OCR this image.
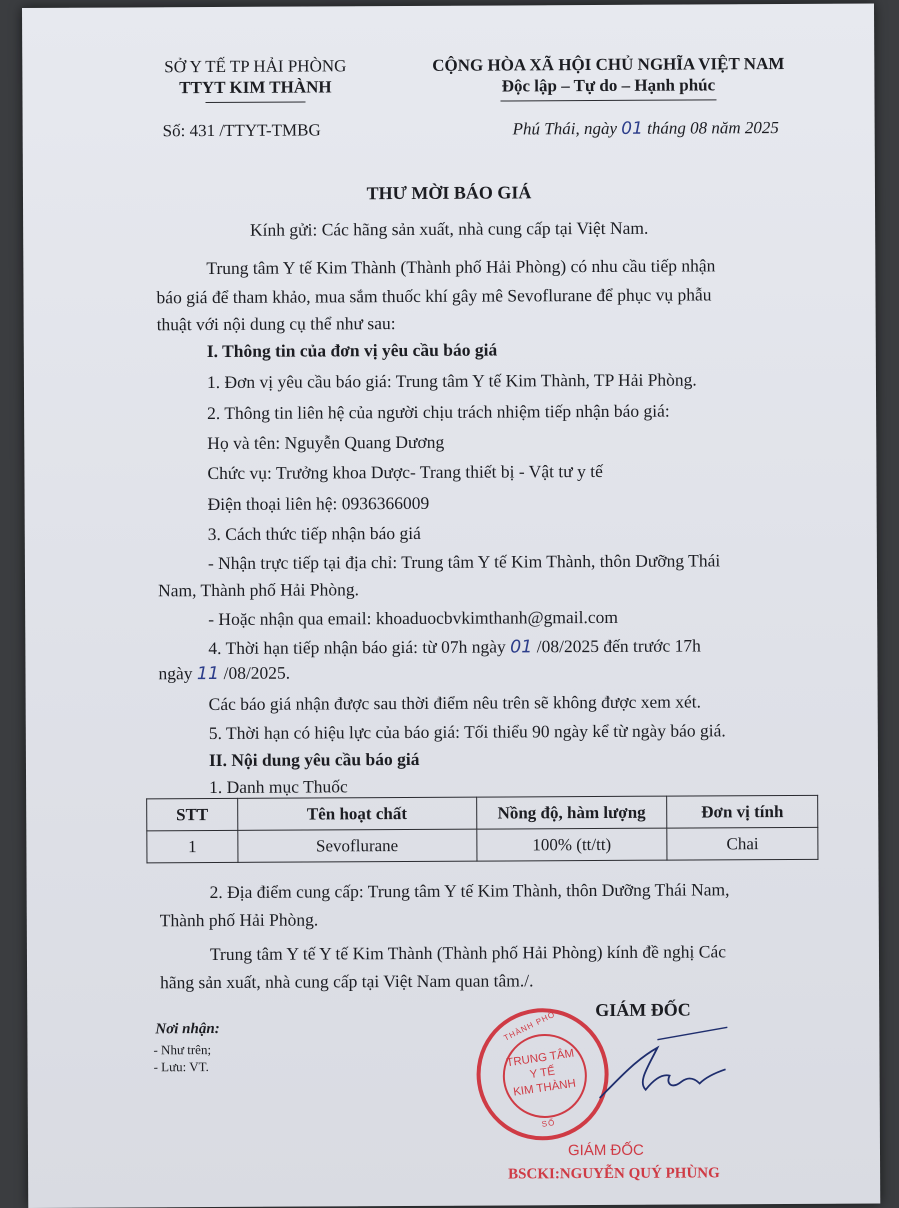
SỞ Y TẾ TP HẢI PHÒNG
TTYT KIM THÀNH
CỘNG HÒA XÃ HỘI CHỦ NGHĨA VIỆT NAM
Độc lập – Tự do – Hạnh phúc
Số: 431 /TTYT-TMBG	Phú Thái, ngày 01 tháng 08 năm 2025
THƯ MỜI BÁO GIÁ
Kính gửi: Các hãng sản xuất, nhà cung cấp tại Việt Nam.
Trung tâm Y tế Kim Thành (Thành phố Hải Phòng) có nhu cầu tiếp nhận
báo giá để tham khảo, mua sắm thuốc khí gây mê Sevoflurane để phục vụ phẫu
thuật với nội dung cụ thể như sau:
I. Thông tin của đơn vị yêu cầu báo giá
1. Đơn vị yêu cầu báo giá: Trung tâm Y tế Kim Thành, TP Hải Phòng.
2. Thông tin liên hệ của người chịu trách nhiệm tiếp nhận báo giá:
Họ và tên: Nguyễn Quang Dương
Chức vụ: Trưởng khoa Dược- Trang thiết bị - Vật tư y tế
Điện thoại liên hệ: 0936366009
3. Cách thức tiếp nhận báo giá
- Nhận trực tiếp tại địa chỉ: Trung tâm Y tế Kim Thành, thôn Dưỡng Thái
Nam, Thành phố Hải Phòng.
- Hoặc nhận qua email: khoaduocbvkimthanh@gmail.com
4. Thời hạn tiếp nhận báo giá: từ 07h ngày 01 /08/2025 đến trước 17h
ngày 11 /08/2025.
Các báo giá nhận được sau thời điểm nêu trên sẽ không được xem xét.
5. Thời hạn có hiệu lực của báo giá: Tối thiểu 90 ngày kể từ ngày báo giá.
II. Nội dung yêu cầu báo giá
1. Danh mục Thuốc
STT	Tên hoạt chất	Nồng độ, hàm lượng	Đơn vị tính
1	Sevoflurane	100% (tt/tt)	Chai
2. Địa điểm cung cấp: Trung tâm Y tế Kim Thành, thôn Dưỡng Thái Nam,
Thành phố Hải Phòng.
Trung tâm Y tế Y tế Kim Thành (Thành phố Hải Phòng) kính đề nghị Các
hãng sản xuất, nhà cung cấp tại Việt Nam quan tâm./.
GIÁM ĐỐC
Nơi nhận:
- Như trên;
- Lưu: VT.
THÀNH PHỐ
SỐ
TRUNG TÂM
Y TẾ
KIM THÀNH
GIÁM ĐỐC
BSCKI:NGUYỄN QUÝ PHÙNG
